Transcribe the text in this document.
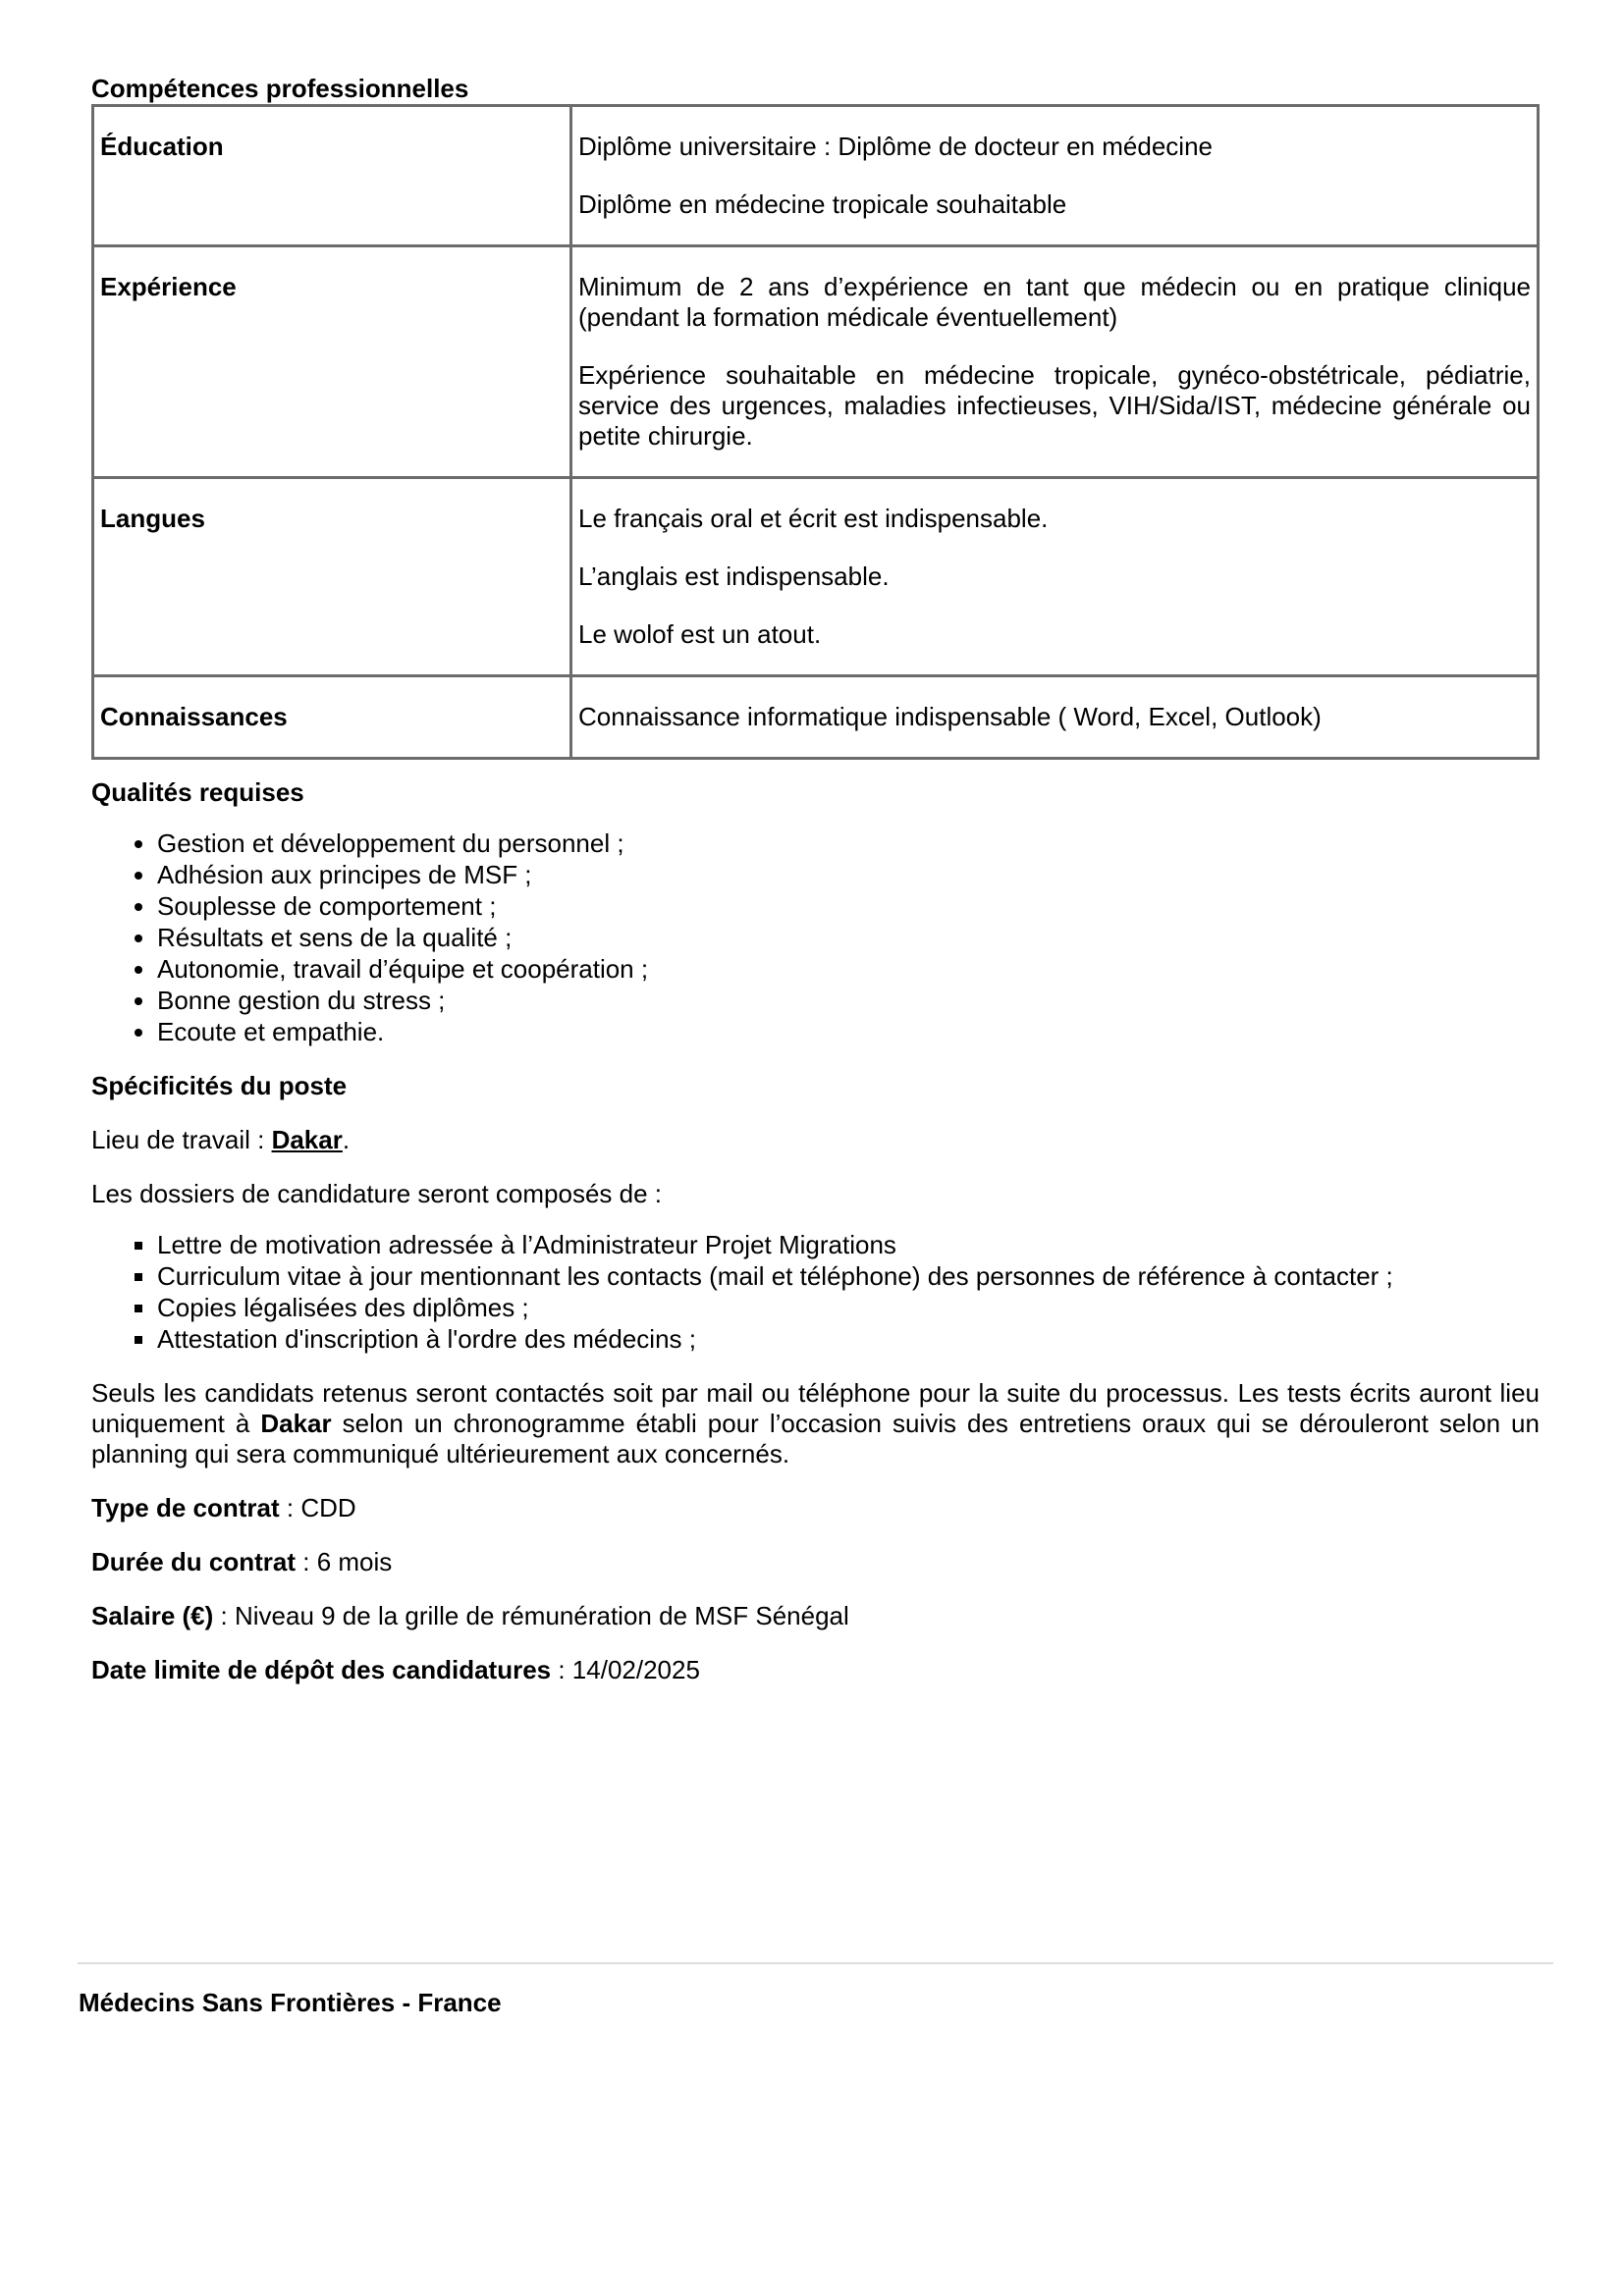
Compétences professionnelles
Éducation	Diplôme universitaire : Diplôme de docteur en médecine

Diplôme en médecine tropicale souhaitable

Expérience	Minimum de 2 ans d’expérience en tant que médecin ou en pratique clinique (pendant la formation médicale éventuellement)

Expérience souhaitable en médecine tropicale, gynéco-obstétricale, pédiatrie, service des urgences, maladies infectieuses, VIH/Sida/IST, médecine générale ou petite chirurgie.

Langues	Le français oral et écrit est indispensable.

L’anglais est indispensable.

Le wolof est un atout.

Connaissances	Connaissance informatique indispensable ( Word, Excel, Outlook)

Qualités requises
• Gestion et développement du personnel ;
• Adhésion aux principes de MSF ;
• Souplesse de comportement ;
• Résultats et sens de la qualité ;
• Autonomie, travail d’équipe et coopération ;
• Bonne gestion du stress ;
• Ecoute et empathie.
Spécificités du poste

Lieu de travail : Dakar.

Les dossiers de candidature seront composés de :

▪ Lettre de motivation adressée à l’Administrateur Projet Migrations
▪ Curriculum vitae à jour mentionnant les contacts (mail et téléphone) des personnes de référence à contacter ;
▪ Copies légalisées des diplômes ;
▪ Attestation d'inscription à l'ordre des médecins ;

Seuls les candidats retenus seront contactés soit par mail ou téléphone pour la suite du processus. Les tests écrits auront lieu uniquement à Dakar selon un chronogramme établi pour l’occasion suivis des entretiens oraux qui se dérouleront selon un planning qui sera communiqué ultérieurement aux concernés.

Type de contrat : CDD

Durée du contrat : 6 mois

Salaire (€) : Niveau 9 de la grille de rémunération de MSF Sénégal

Date limite de dépôt des candidatures : 14/02/2025

Médecins Sans Frontières - France
